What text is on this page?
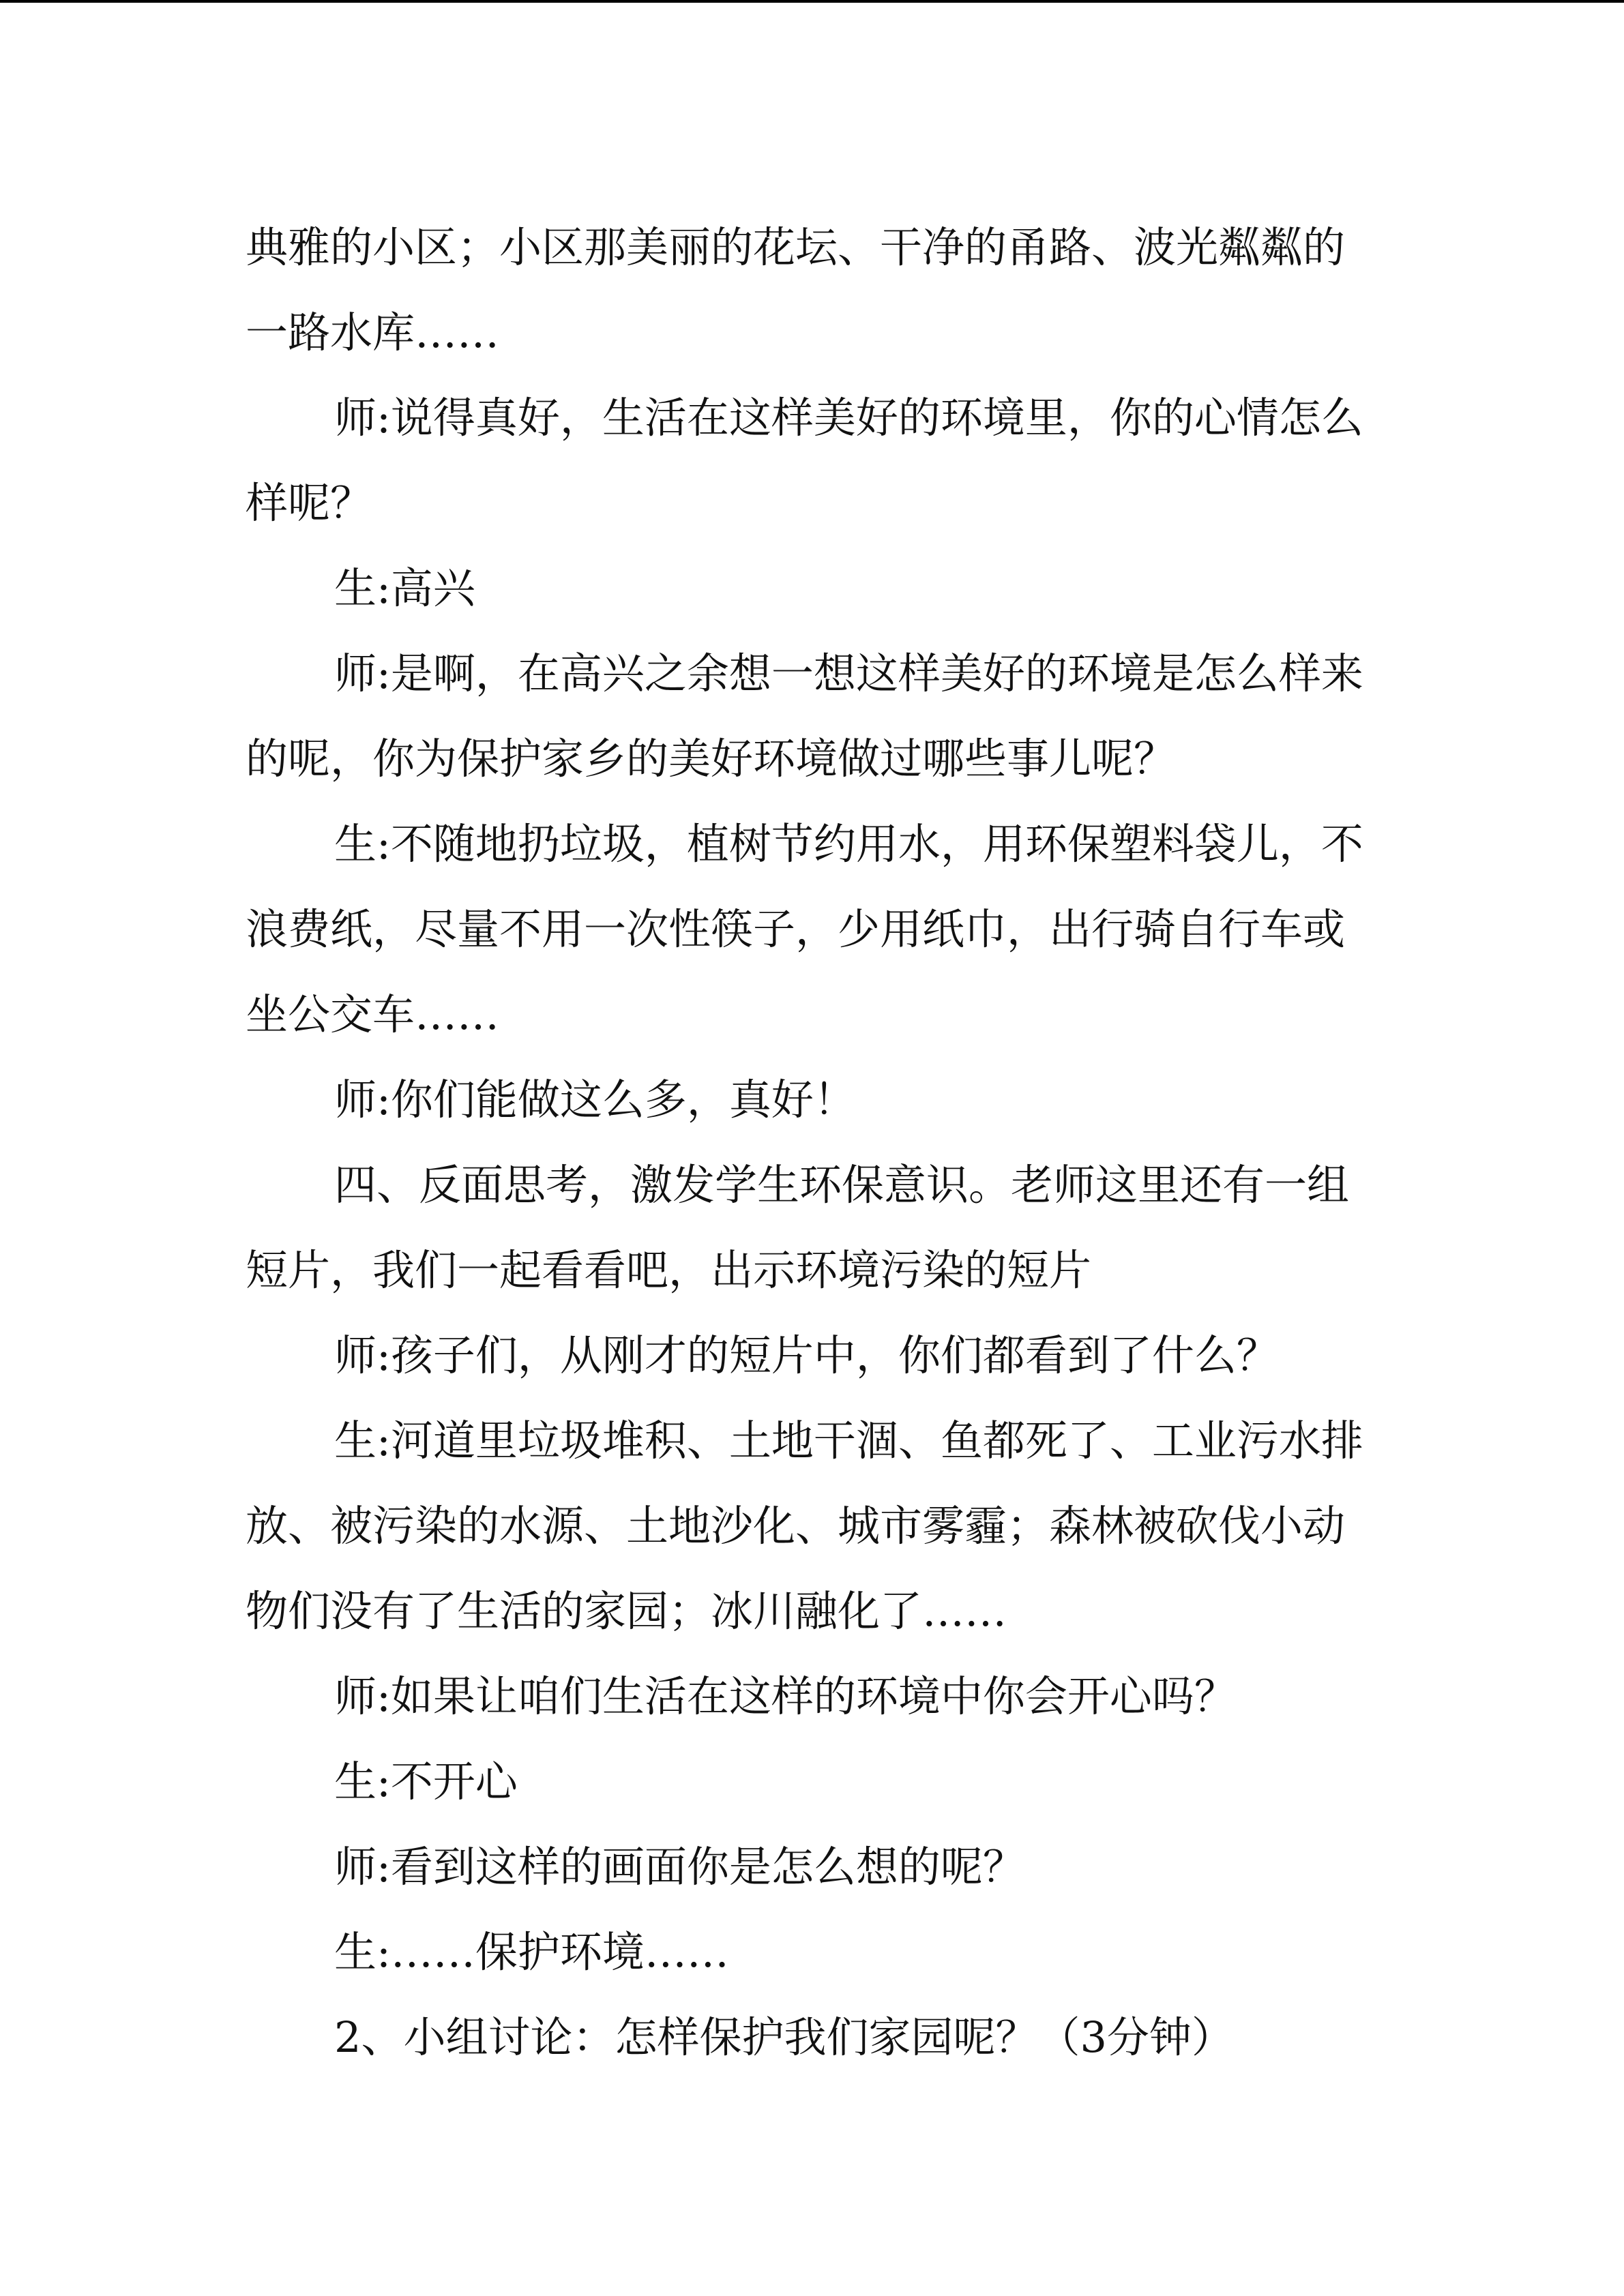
典雅的小区；小区那美丽的花坛、干净的甬路、波光粼粼的一路水库……

师:说得真好，生活在这样美好的环境里，你的心情怎么样呢？

生:高兴

师:是啊，在高兴之余想一想这样美好的环境是怎么样来的呢，你为保护家乡的美好环境做过哪些事儿呢？

生:不随地扔垃圾，植树节约用水，用环保塑料袋儿，不浪费纸，尽量不用一次性筷子，少用纸巾，出行骑自行车或坐公交车……

师:你们能做这么多，真好！

四、反面思考，激发学生环保意识。老师这里还有一组短片，我们一起看看吧，出示环境污染的短片

师:孩子们，从刚才的短片中，你们都看到了什么？

生:河道里垃圾堆积、土地干涸、鱼都死了、工业污水排放、被污染的水源、土地沙化、城市雾霾；森林被砍伐小动物们没有了生活的家园；冰川融化了……

师:如果让咱们生活在这样的环境中你会开心吗？

生:不开心

师:看到这样的画面你是怎么想的呢？

生:……保护环境……

2、小组讨论：怎样保护我们家园呢？（3分钟）
